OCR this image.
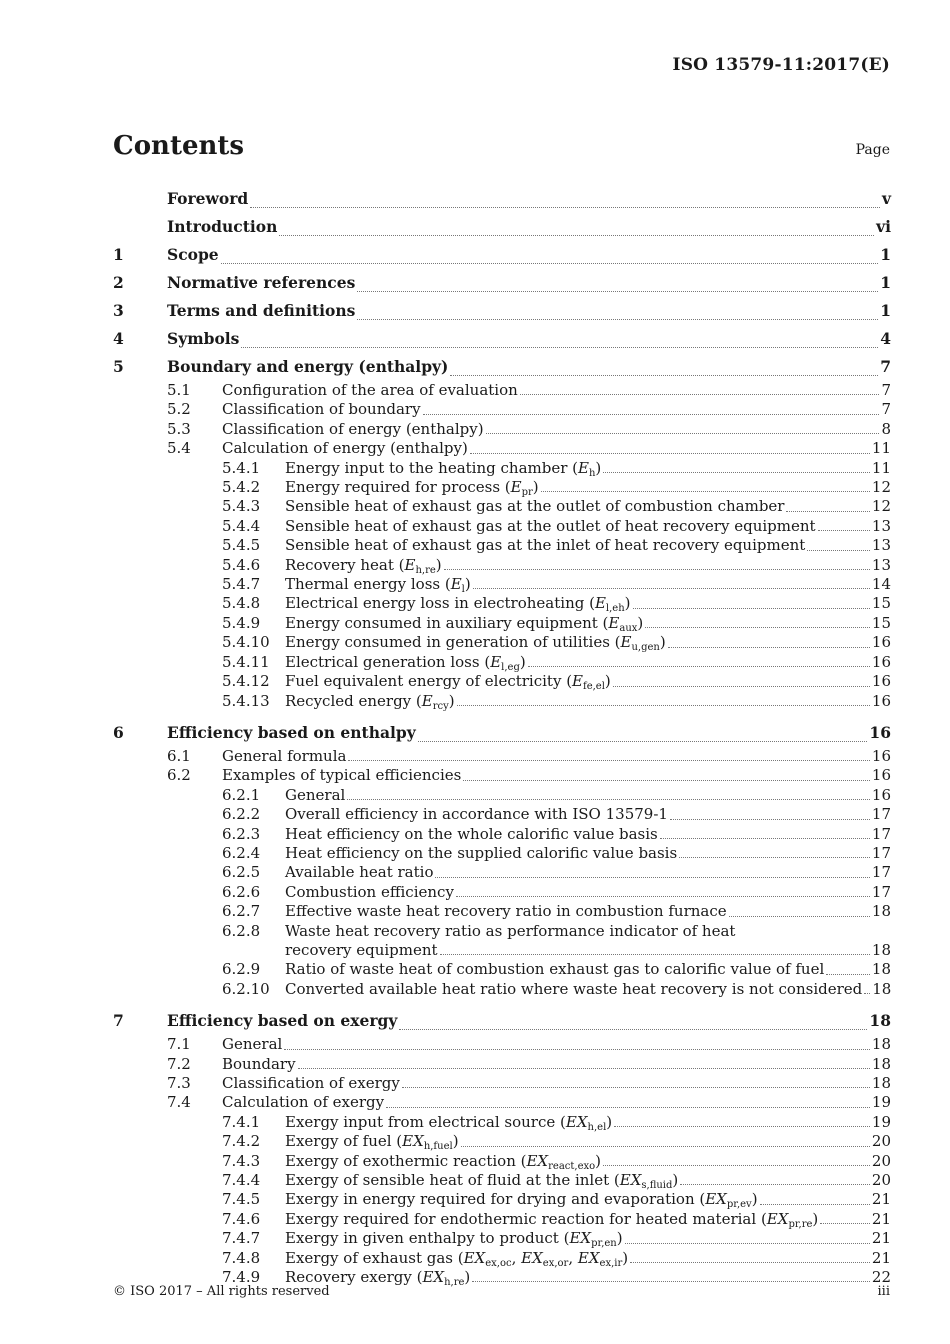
ISO 13579-11:2017(E)
Contents	Page
Foreword	v
Introduction	vi
1	Scope	1
2	Normative references	1
3	Terms and definitions	1
4	Symbols	4
5	Boundary and energy (enthalpy)	7
5.1	Configuration of the area of evaluation	7
5.2	Classification of boundary	7
5.3	Classification of energy (enthalpy)	8
5.4	Calculation of energy (enthalpy)	11
5.4.1	Energy input to the heating chamber $(E_h)$	11
5.4.2	Energy required for process $(E_{pr})$	12
5.4.3	Sensible heat of exhaust gas at the outlet of combustion chamber	12
5.4.4	Sensible heat of exhaust gas at the outlet of heat recovery equipment	13
5.4.5	Sensible heat of exhaust gas at the inlet of heat recovery equipment	13
5.4.6	Recovery heat $(E_{h,re})$	13
5.4.7	Thermal energy loss $(E_l)$	14
5.4.8	Electrical energy loss in electroheating $(E_{l,eh})$	15
5.4.9	Energy consumed in auxiliary equipment $(E_{aux})$	15
5.4.10	Energy consumed in generation of utilities $(E_{u,gen})$	16
5.4.11	Electrical generation loss $(E_{l,eg})$	16
5.4.12	Fuel equivalent energy of electricity $(E_{fe,el})$	16
5.4.13	Recycled energy $(E_{rcy})$	16
6	Efficiency based on enthalpy	16
6.1	General formula	16
6.2	Examples of typical efficiencies	16
6.2.1	General	16
6.2.2	Overall efficiency in accordance with ISO 13579-1	17
6.2.3	Heat efficiency on the whole calorific value basis	17
6.2.4	Heat efficiency on the supplied calorific value basis	17
6.2.5	Available heat ratio	17
6.2.6	Combustion efficiency	17
6.2.7	Effective waste heat recovery ratio in combustion furnace	18
6.2.8	Waste heat recovery ratio as performance indicator of heat
recovery equipment	18
6.2.9	Ratio of waste heat of combustion exhaust gas to calorific value of fuel	18
6.2.10	Converted available heat ratio where waste heat recovery is not considered 18
7	Efficiency based on exergy	18
7.1	General	18
7.2	Boundary	18
7.3	Classification of exergy	18
7.4	Calculation of exergy	19
7.4.1	Exergy input from electrical source $(EX_{h,el})$	19
7.4.2	Exergy of fuel $(EX_{h,fuel})$	20
7.4.3	Exergy of exothermic reaction $(EX_{react,exo})$	20
7.4.4	Exergy of sensible heat of fluid at the inlet $(EX_{s,fluid})$	20
7.4.5	Exergy in energy required for drying and evaporation $(EX_{pr,ev})$	21
7.4.6	Exergy required for endothermic reaction for heated material $(EX_{pr,re})$	21
7.4.7	Exergy in given enthalpy to product $(EX_{pr,en})$	21
7.4.8	Exergy of exhaust gas ($EX_{ex,oc}$, $EX_{ex,or}$, $EX_{ex,ir}$)	21
7.4.9	Recovery exergy $(EX_{h,re})$	22
© ISO 2017 – All rights reserved	iii
